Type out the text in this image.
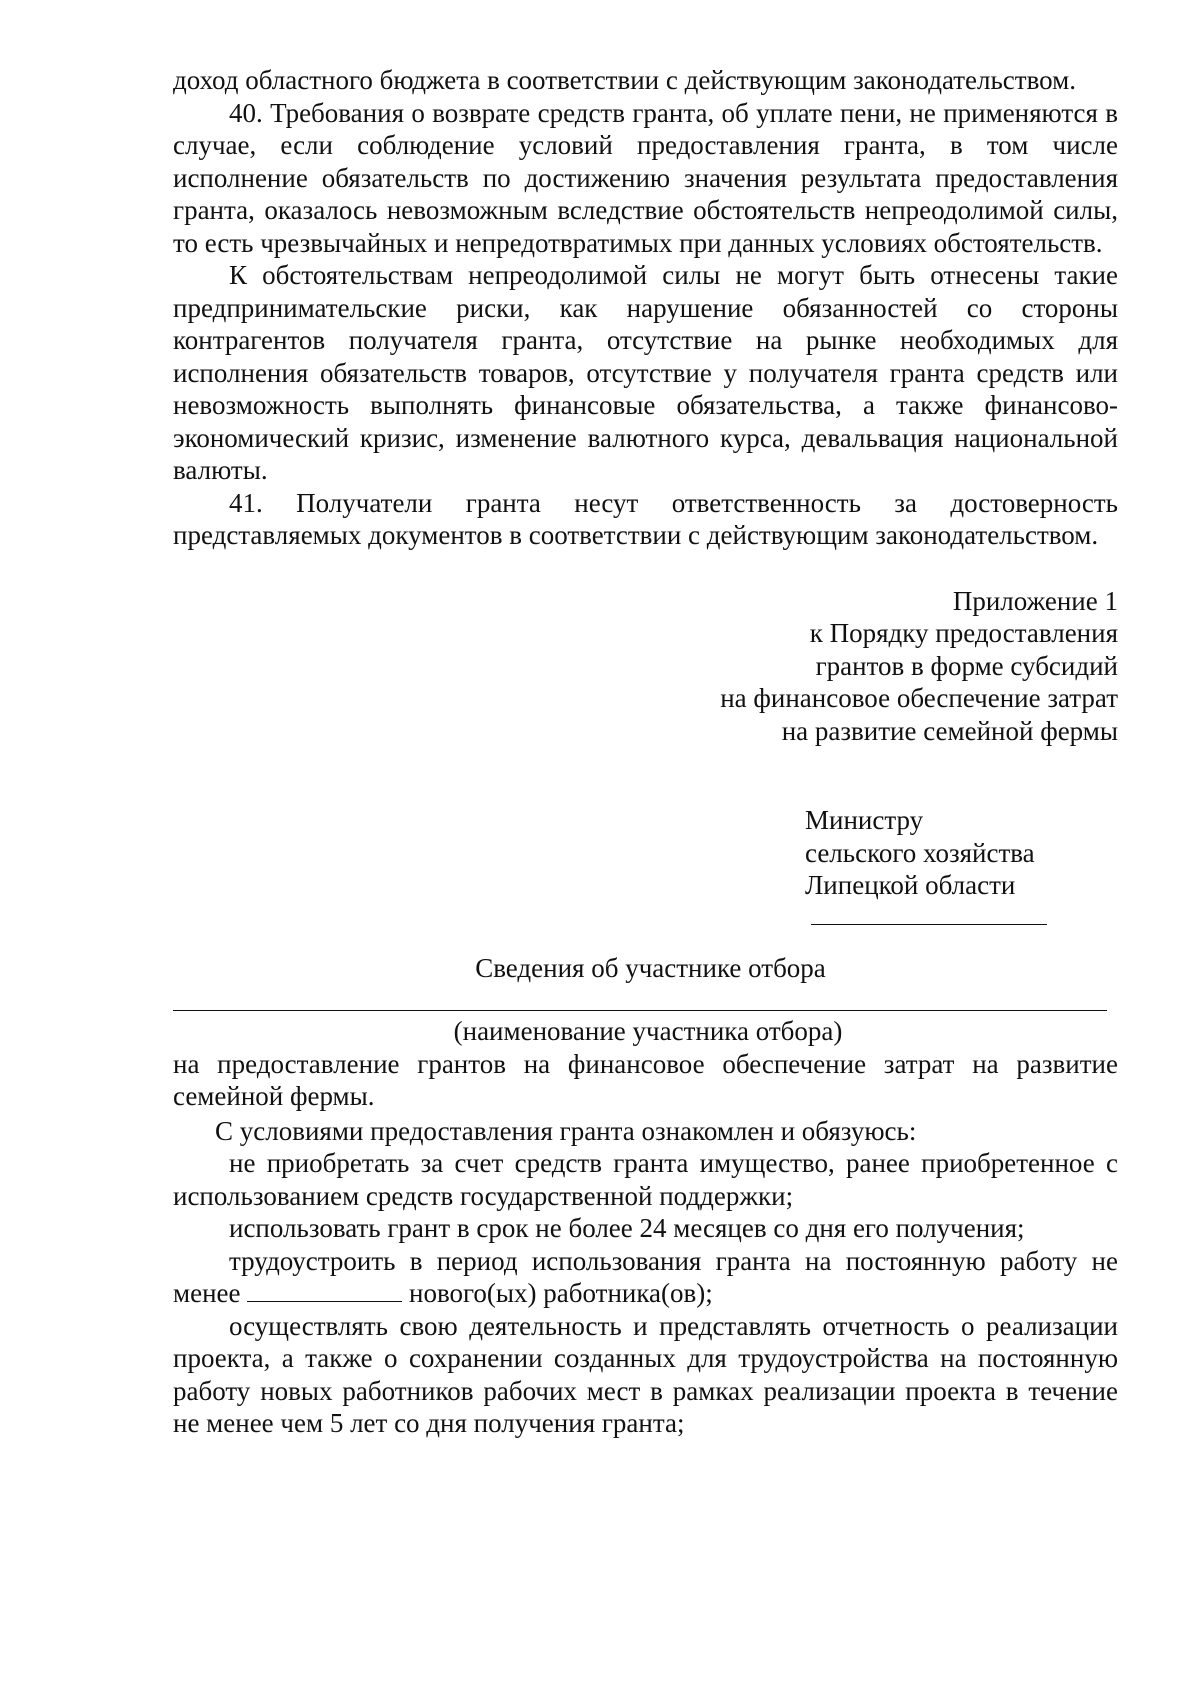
доход областного бюджета в соответствии с действующим законодательством.

40. Требования о возврате средств гранта, об уплате пени, не применяются в случае, если соблюдение условий предоставления гранта, в том числе исполнение обязательств по достижению значения результата предоставления гранта, оказалось невозможным вследствие обстоятельств непреодолимой силы, то есть чрезвычайных и непредотвратимых при данных условиях обстоятельств.

К обстоятельствам непреодолимой силы не могут быть отнесены такие предпринимательские риски, как нарушение обязанностей со стороны контрагентов получателя гранта, отсутствие на рынке необходимых для исполнения обязательств товаров, отсутствие у получателя гранта средств или невозможность выполнять финансовые обязательства, а также финансово-экономический кризис, изменение валютного курса, девальвация национальной валюты.

41. Получатели гранта несут ответственность за достоверность представляемых документов в соответствии с действующим законодательством.

Приложение 1
к Порядку предоставления
грантов в форме субсидий
на финансовое обеспечение затрат
на развитие семейной фермы
Министру
сельского хозяйства
Липецкой области

Сведения об участнике отбора

(наименование участника отбора)

на предоставление грантов на финансовое обеспечение затрат на развитие семейной фермы.

С условиями предоставления гранта ознакомлен и обязуюсь:

не приобретать за счет средств гранта имущество, ранее приобретенное с использованием средств государственной поддержки;

использовать грант в срок не более 24 месяцев со дня его получения;

трудоустроить в период использования гранта на постоянную работу не менее	нового(ых) работника(ов);

осуществлять свою деятельность и представлять отчетность о реализации проекта, а также о сохранении созданных для трудоустройства на постоянную работу новых работников рабочих мест в рамках реализации проекта в течение не менее чем 5 лет со дня получения гранта;
